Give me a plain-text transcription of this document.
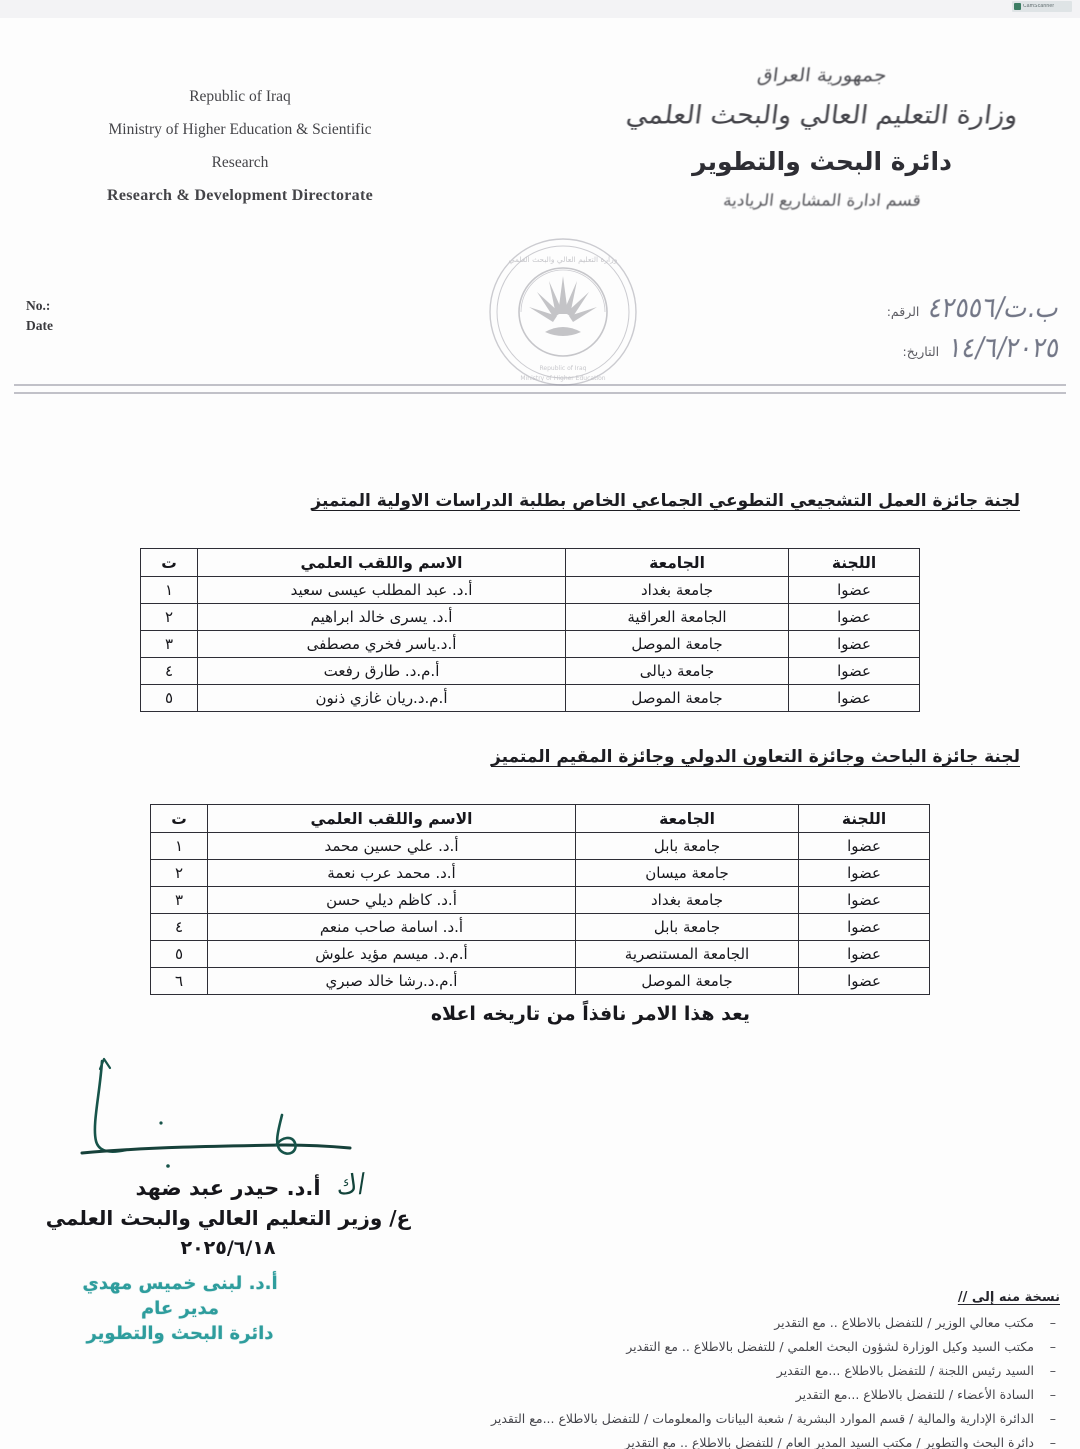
CamScanner
Republic of Iraq
Ministry of Higher Education & Scientific
Research
Research & Development Directorate
No.:
Date
جمهورية العراق
وزارة التعليم العالي والبحث العلمي
دائرة البحث والتطوير
قسم ادارة المشاريع الريادية
ب.ت/٤٢٥٥٦
الرقم:
١٤/٦/٢٠٢٥
التاريخ:
وزارة التعليم العالي والبحث العلمي
Republic of Iraq
Ministry of Higher Education
لجنة جائزة العمل التشجيعي التطوعي الجماعي الخاص بطلبة الدراسات الاولية المتميز
اللجنة	الجامعة	الاسم واللقب العلمي	ت
عضوا	جامعة بغداد	أ.د. عبد المطلب عيسى سعيد	١
عضوا	الجامعة العراقية	أ.د. يسرى خالد ابراهيم	٢
عضوا	جامعة الموصل	أ.د.ياسر فخري مصطفى	٣
عضوا	جامعة ديالى	أ.م.د. طارق رفعت	٤
عضوا	جامعة الموصل	أ.م.د.ريان غازي ذنون	٥
لجنة جائزة الباحث وجائزة التعاون الدولي وجائزة المقيم المتميز
اللجنة	الجامعة	الاسم واللقب العلمي	ت
عضوا	جامعة بابل	أ.د. علي حسين محمد	١
عضوا	جامعة ميسان	أ.د. محمد عرب نعمة	٢
عضوا	جامعة بغداد	أ.د. كاظم ديلي حسن	٣
عضوا	جامعة بابل	أ.د. اسامة صاحب منعم	٤
عضوا	الجامعة المستنصرية	أ.م.د. ميسم مؤيد علوش	٥
عضوا	جامعة الموصل	أ.م.د.رشا خالد صبري	٦
يعد هذا الامر نافذاً من تاريخه اعلاه
ك/
أ.د. حيدر عبد ضهد
ع/ وزير التعليم العالي والبحث العلمي
٢٠٢٥/٦/١٨
أ.د. لبنى خميس مهدي
مدير عام
دائرة البحث والتطوير
نسخة منه إلى //
– مكتب معالي الوزير / للتفضل بالاطلاع .. مع التقدير
– مكتب السيد وكيل الوزارة لشؤون البحث العلمي / للتفضل بالاطلاع .. مع التقدير
– السيد رئيس اللجنة / للتفضل بالاطلاع ...مع التقدير
– السادة الأعضاء / للتفضل بالاطلاع ...مع التقدير
– الدائرة الإدارية والمالية / قسم الموارد البشرية / شعبة البيانات والمعلومات / للتفضل بالاطلاع ...مع التقدير
– دائرة البحث والتطوير / مكتب السيد المدير العام / للتفضل بالاطلاع .. مع التقدير
